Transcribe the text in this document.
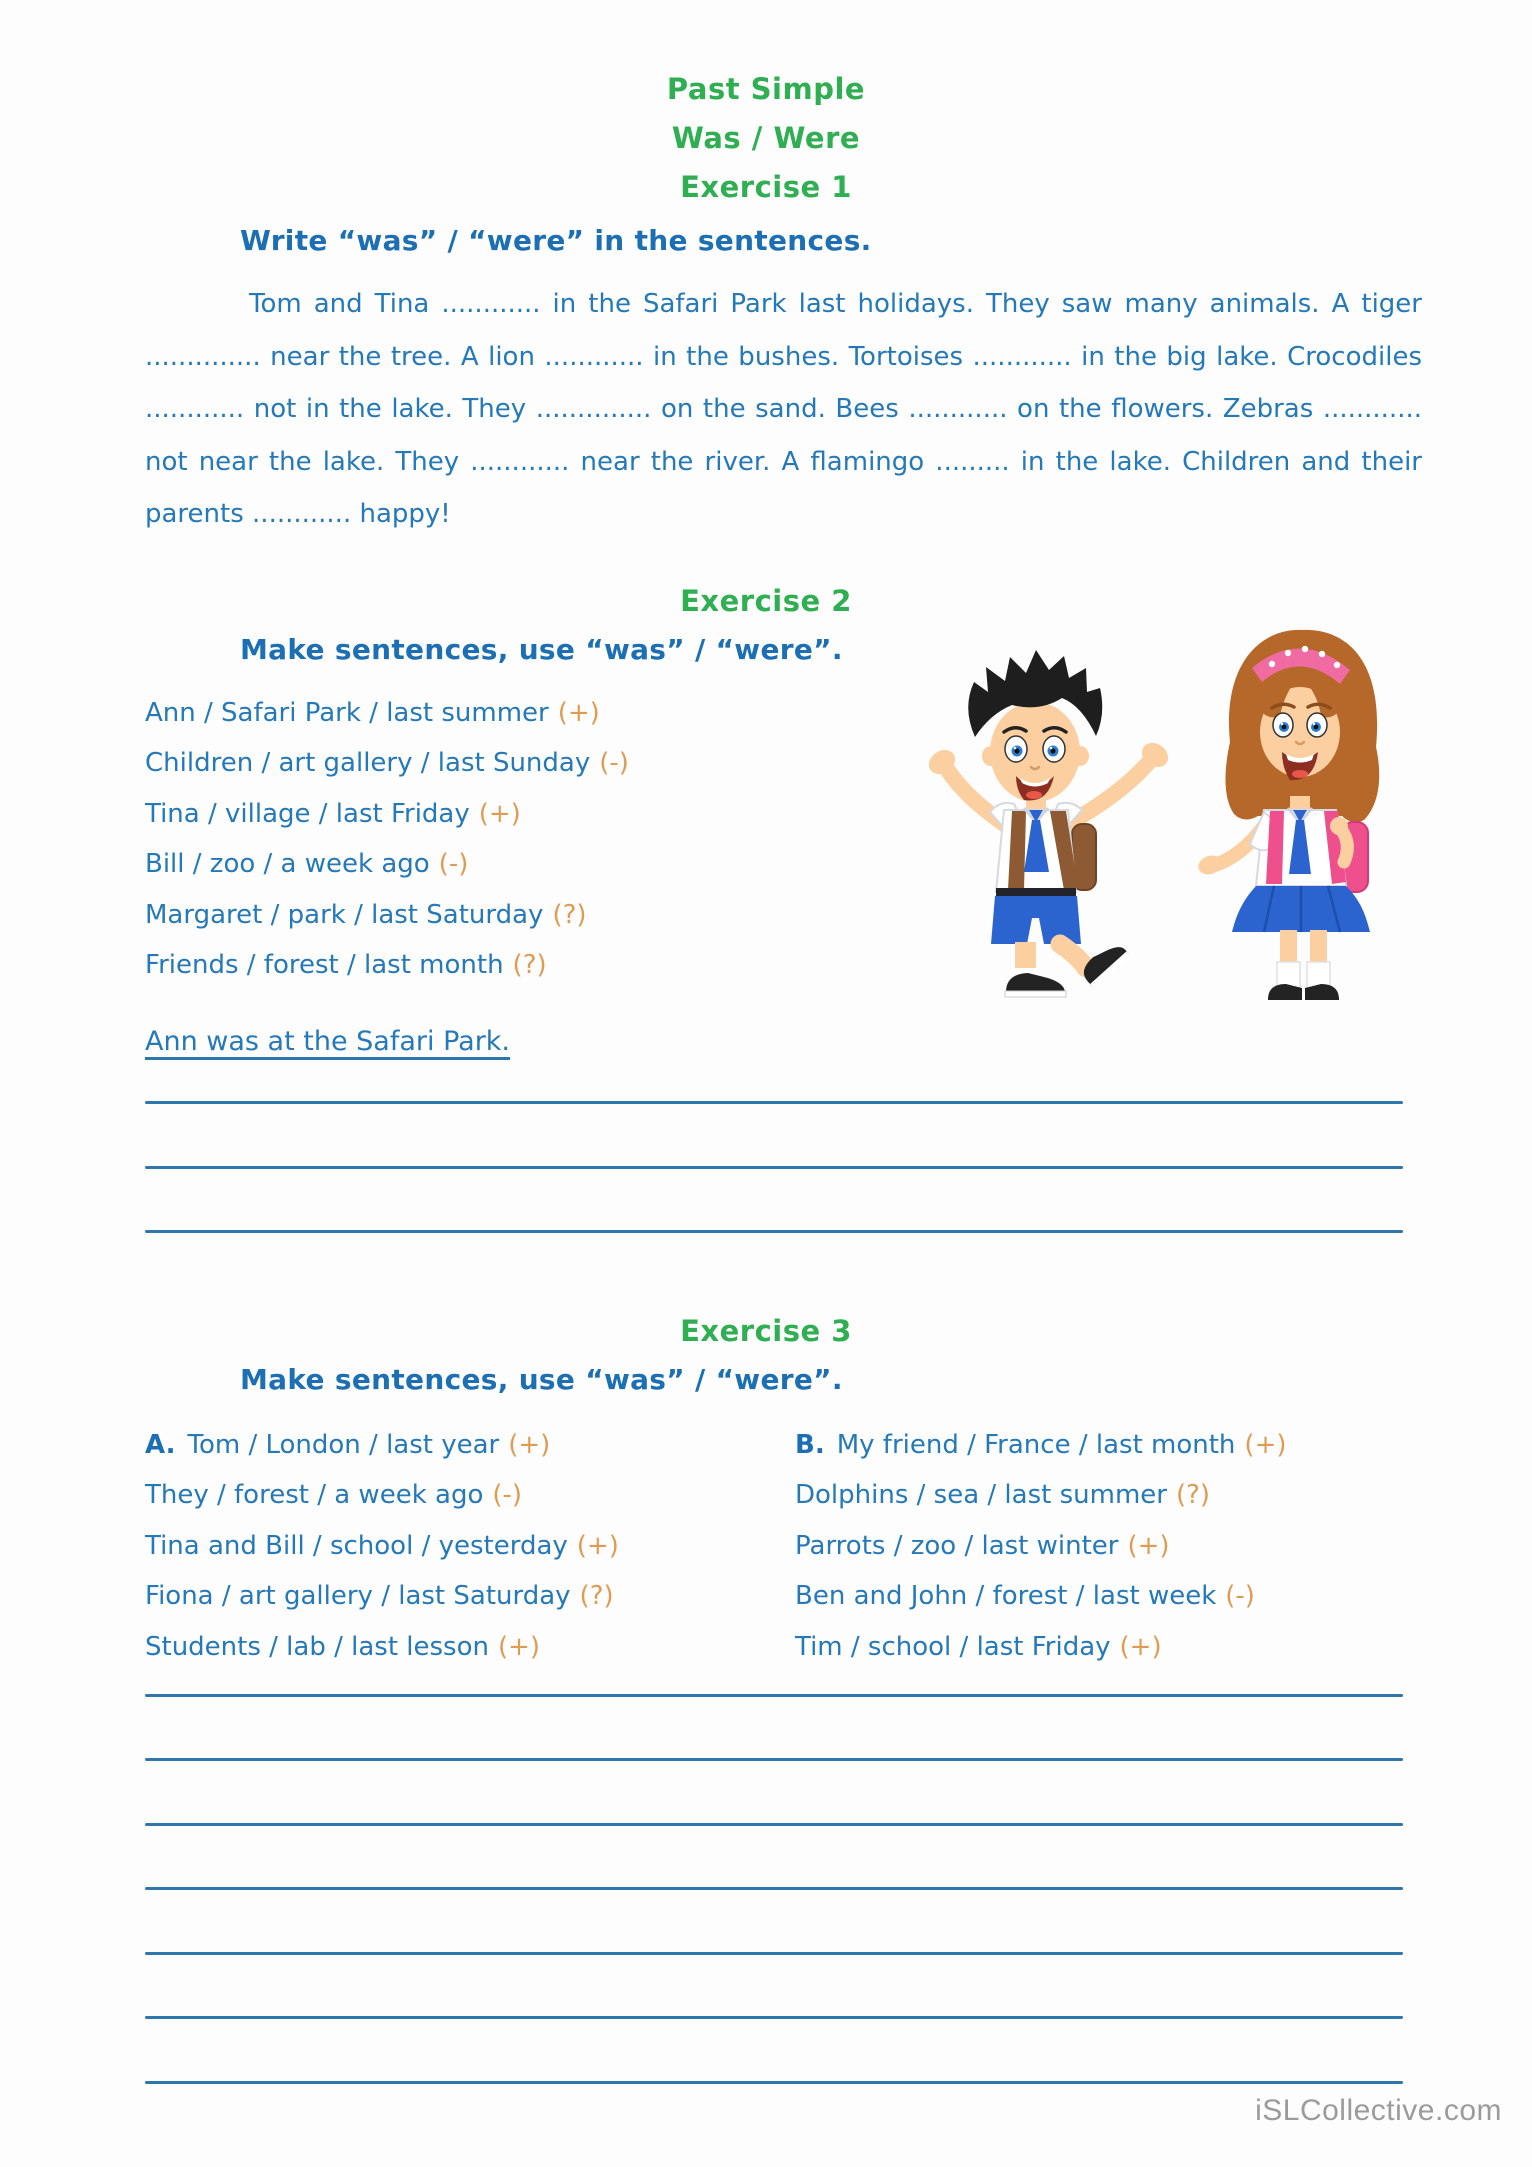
Past Simple
Was / Were
Exercise 1
Write “was” / “were” in the sentences.
Tom and Tina ............ in the Safari Park last holidays. They saw many animals. A tiger .............. near the tree. A lion ............ in the bushes. Tortoises ............ in the big lake. Crocodiles ............ not in the lake. They .............. on the sand. Bees ............ on the flowers. Zebras ............ not near the lake. They ............ near the river. A flamingo ......... in the lake. Children and their parents ............ happy!
Exercise 2
Make sentences, use “was” / “were”.
Ann / Safari Park / last summer (+)
Children / art gallery / last Sunday (-)
Tina / village / last Friday (+)
Bill / zoo / a week ago (-)
Margaret / park / last Saturday (?)
Friends / forest / last month (?)
Ann was at the Safari Park.
Exercise 3
Make sentences, use “was” / “were”.
A. Tom / London / last year (+)
They / forest / a week ago (-)
Tina and Bill / school / yesterday (+)
Fiona / art gallery / last Saturday (?)
Students / lab / last lesson (+)
B. My friend / France / last month (+)
Dolphins / sea / last summer (?)
Parrots / zoo / last winter (+)
Ben and John / forest / last week (-)
Tim / school / last Friday (+)
iSLCollective.com
